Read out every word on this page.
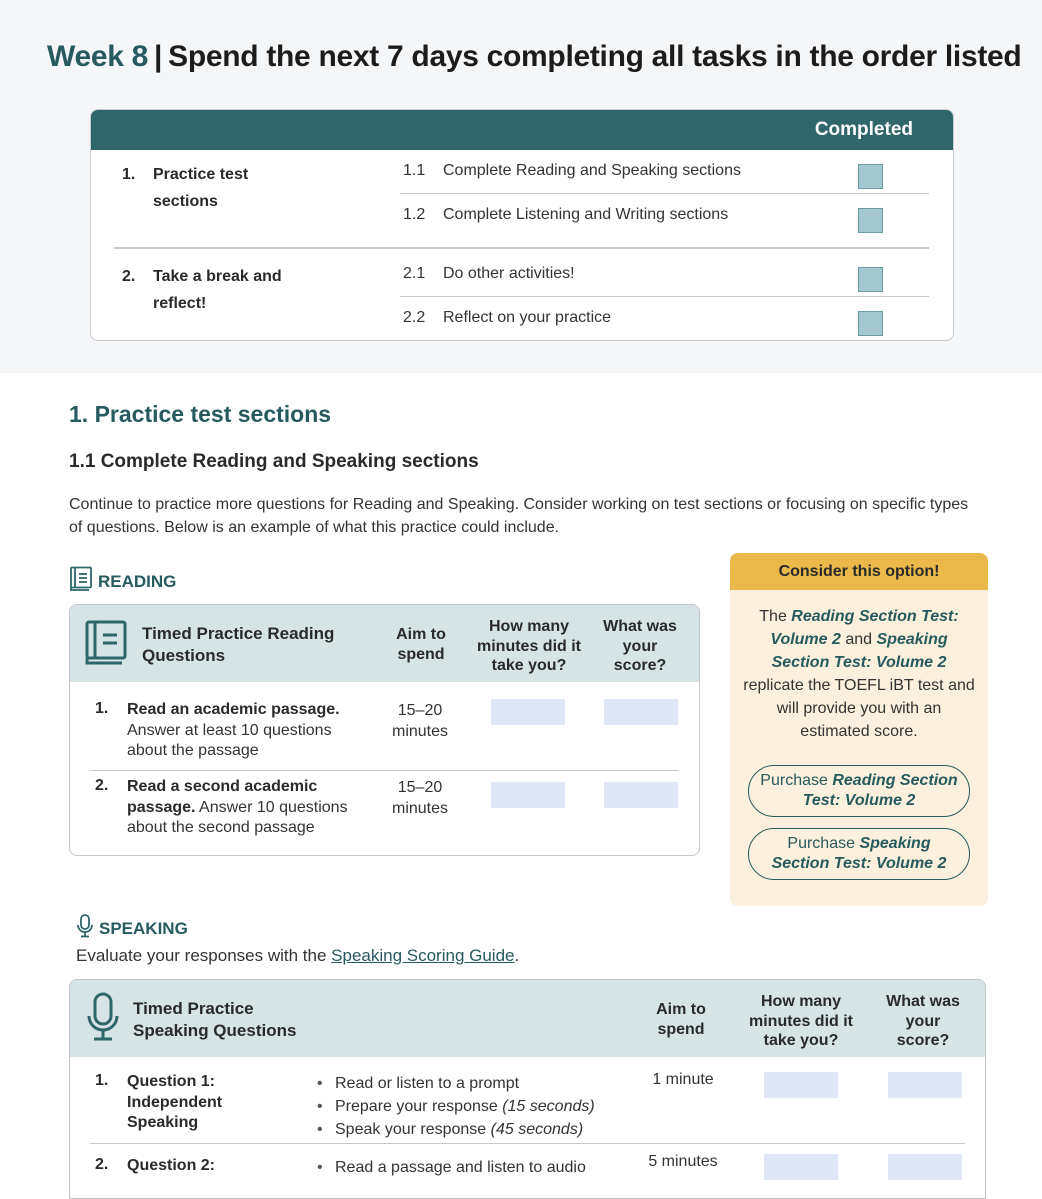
Week 8 | Spend the next 7 days completing all tasks in the order listed
Completed
1. Practice test sections
1.1 Complete Reading and Speaking sections
1.2 Complete Listening and Writing sections
2. Take a break and reflect!
2.1 Do other activities!
2.2 Reflect on your practice
1. Practice test sections
1.1 Complete Reading and Speaking sections

Continue to practice more questions for Reading and Speaking. Consider working on test sections or focusing on specific types of questions. Below is an example of what this practice could include.

READING
Timed Practice Reading Questions
Aim to spend
How many minutes did it take you?
What was your score?
1. Read an academic passage. Answer at least 10 questions about the passage
15–20 minutes
2. Read a second academic passage. Answer 10 questions about the second passage
15–20 minutes
Consider this option!

The Reading Section Test: Volume 2 and Speaking Section Test: Volume 2 replicate the TOEFL iBT test and will provide you with an estimated score.

Purchase Reading Section Test: Volume 2
Purchase Speaking Section Test: Volume 2
SPEAKING

Evaluate your responses with the Speaking Scoring Guide.

Timed Practice Speaking Questions
Aim to spend
How many minutes did it take you?
What was your score?
1. Question 1: Independent Speaking
• Read or listen to a prompt
• Prepare your response (15 seconds)
• Speak your response (45 seconds)
1 minute
2. Question 2:	• Read a passage and listen to audio	5 minutes
